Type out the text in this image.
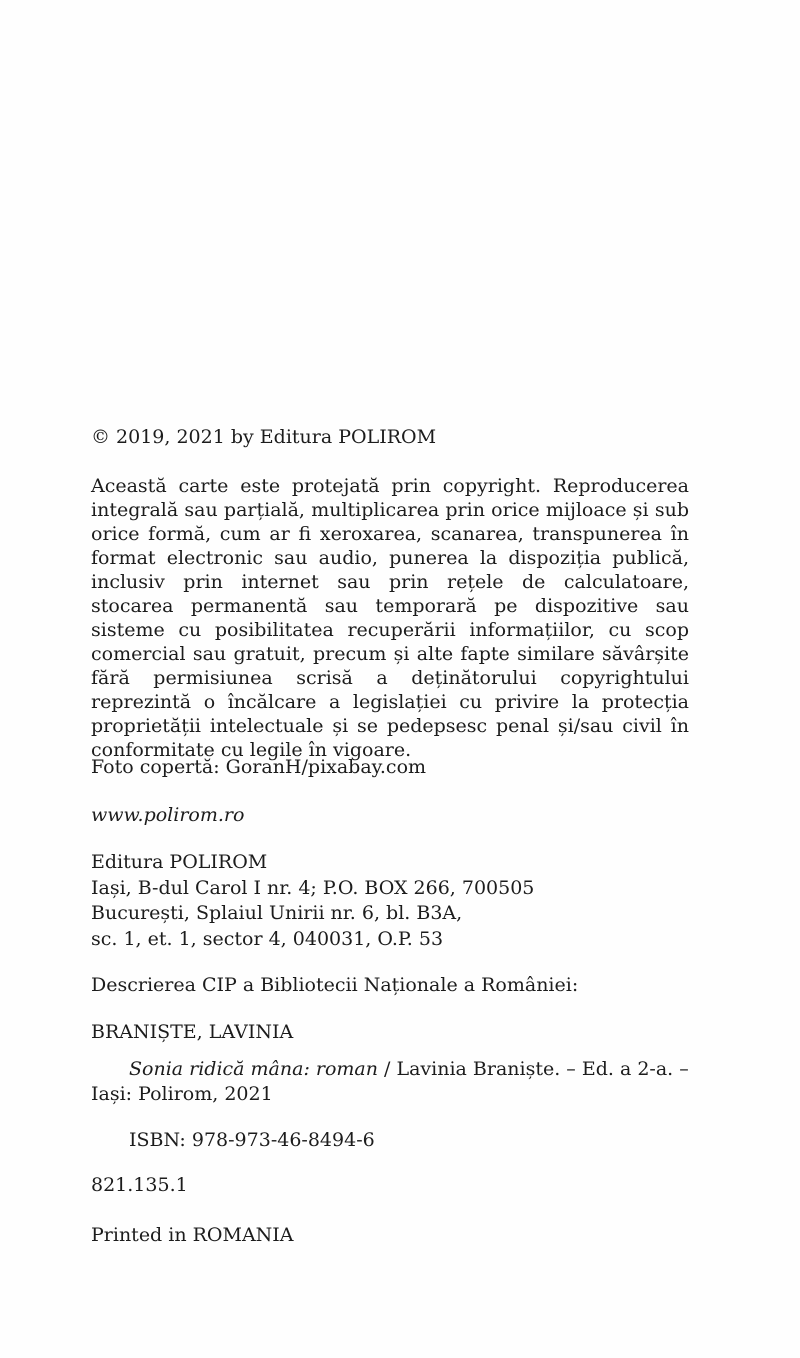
© 2019, 2021 by Editura POLIROM
Această carte este protejată prin copyright. Reproducerea integrală sau parțială, multiplicarea prin orice mijloace și sub orice formă, cum ar fi xeroxarea, scanarea, transpunerea în format electronic sau audio, punerea la dispoziția publică, inclusiv prin internet sau prin rețele de calculatoare, stocarea permanentă sau temporară pe dispozitive sau sisteme cu posibilitatea recuperării informațiilor, cu scop comercial sau gratuit, precum și alte fapte similare săvârșite fără permisiunea scrisă a deținătorului copyrightului reprezintă o încălcare a legislației cu privire la protecția proprietății intelectuale și se pedepsesc penal și/sau civil în conformitate cu legile în vigoare.
Foto copertă: GoranH/pixabay.com
www.polirom.ro
Editura POLIROM
Iași, B-dul Carol I nr. 4; P.O. BOX 266, 700505
București, Splaiul Unirii nr. 6, bl. B3A,
sc. 1, et. 1, sector 4, 040031, O.P. 53
Descrierea CIP a Bibliotecii Naționale a României:
BRANIȘTE, LAVINIA
Sonia ridică mâna: roman / Lavinia Braniște. – Ed. a 2-a. – Iași: Polirom, 2021
ISBN: 978-973-46-8494-6
821.135.1
Printed in ROMANIA
